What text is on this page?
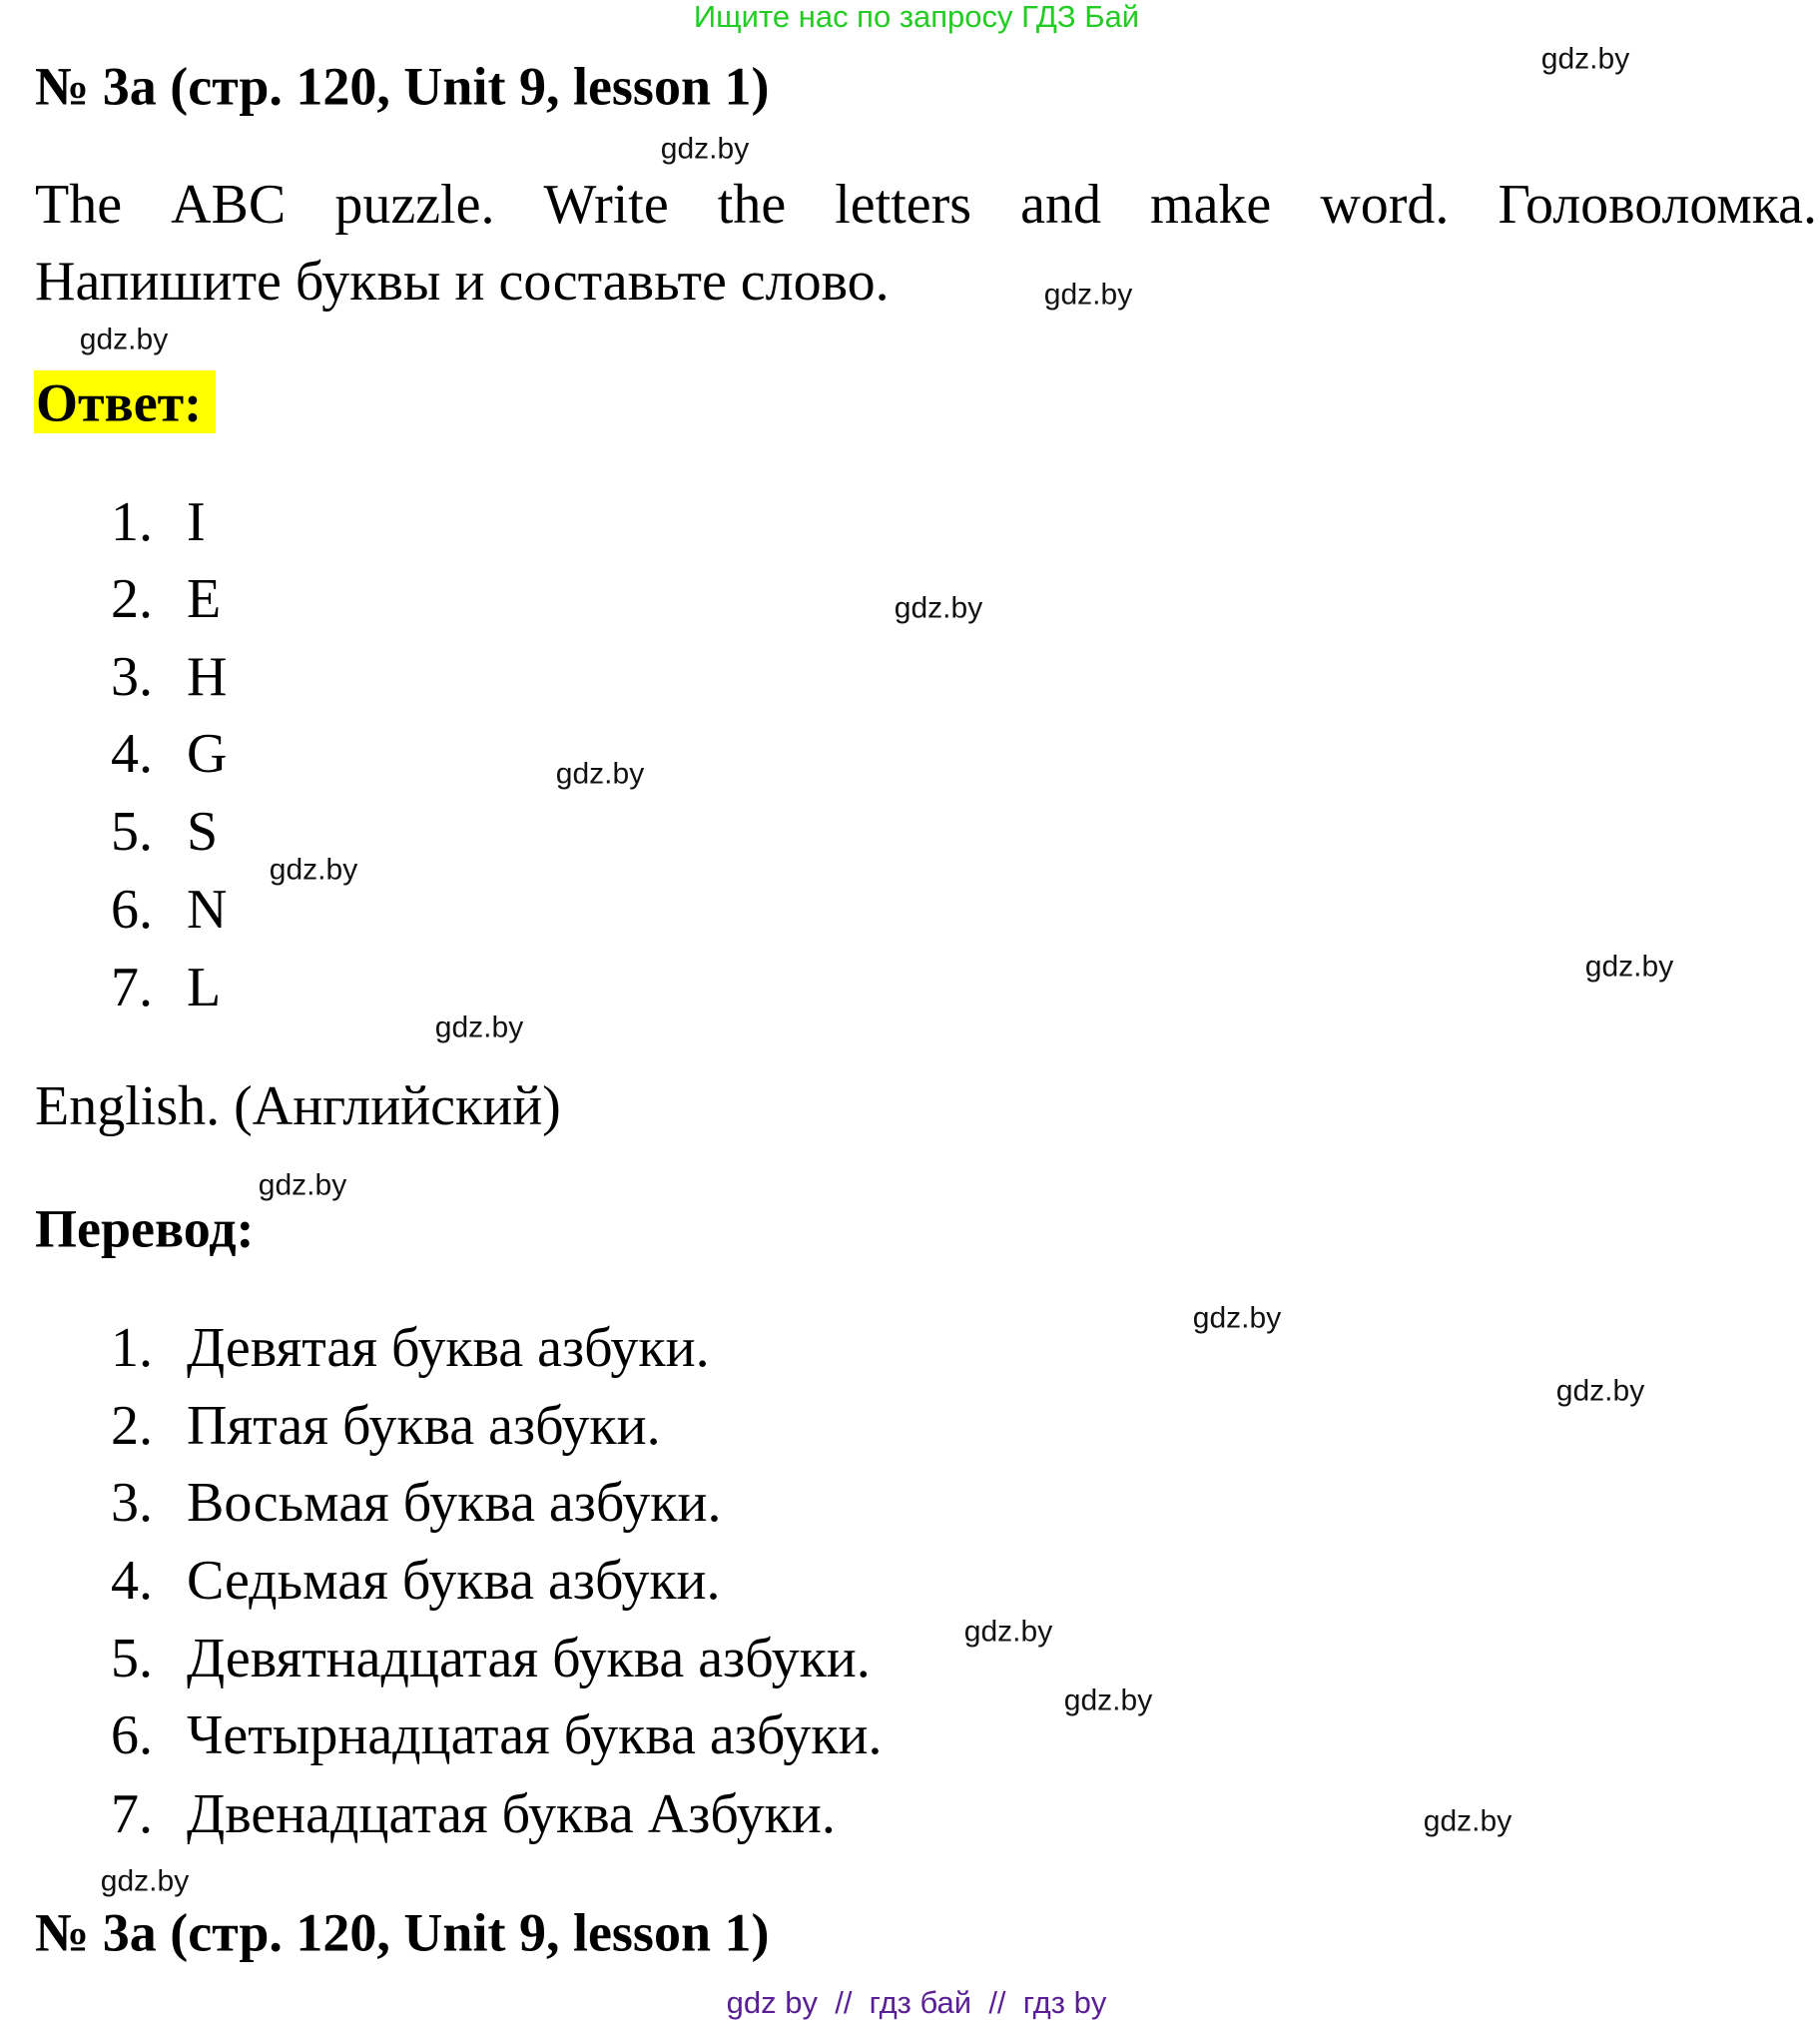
Ищите нас по запросу ГДЗ Бай
№ 3a (стр. 120, Unit 9, lesson 1)
The ABC puzzle. Write the letters and make word. Головоломка.
Напишите буквы и составьте слово.
Ответ:
1. I
2. E
3. H
4. G
5. S
6. N
7. L
English. (Английский)
Перевод:
1. Девятая буква азбуки.
2. Пятая буква азбуки.
3. Восьмая буква азбуки.
4. Седьмая буква азбуки.
5. Девятнадцатая буква азбуки.
6. Четырнадцатая буква азбуки.
7. Двенадцатая буква Азбуки.
№ 3a (стр. 120, Unit 9, lesson 1)
gdz by  //  гдз бай  //  гдз by
gdz.by
gdz.by
gdz.by
gdz.by
gdz.by
gdz.by
gdz.by
gdz.by
gdz.by
gdz.by
gdz.by
gdz.by
gdz.by
gdz.by
gdz.by
gdz.by
